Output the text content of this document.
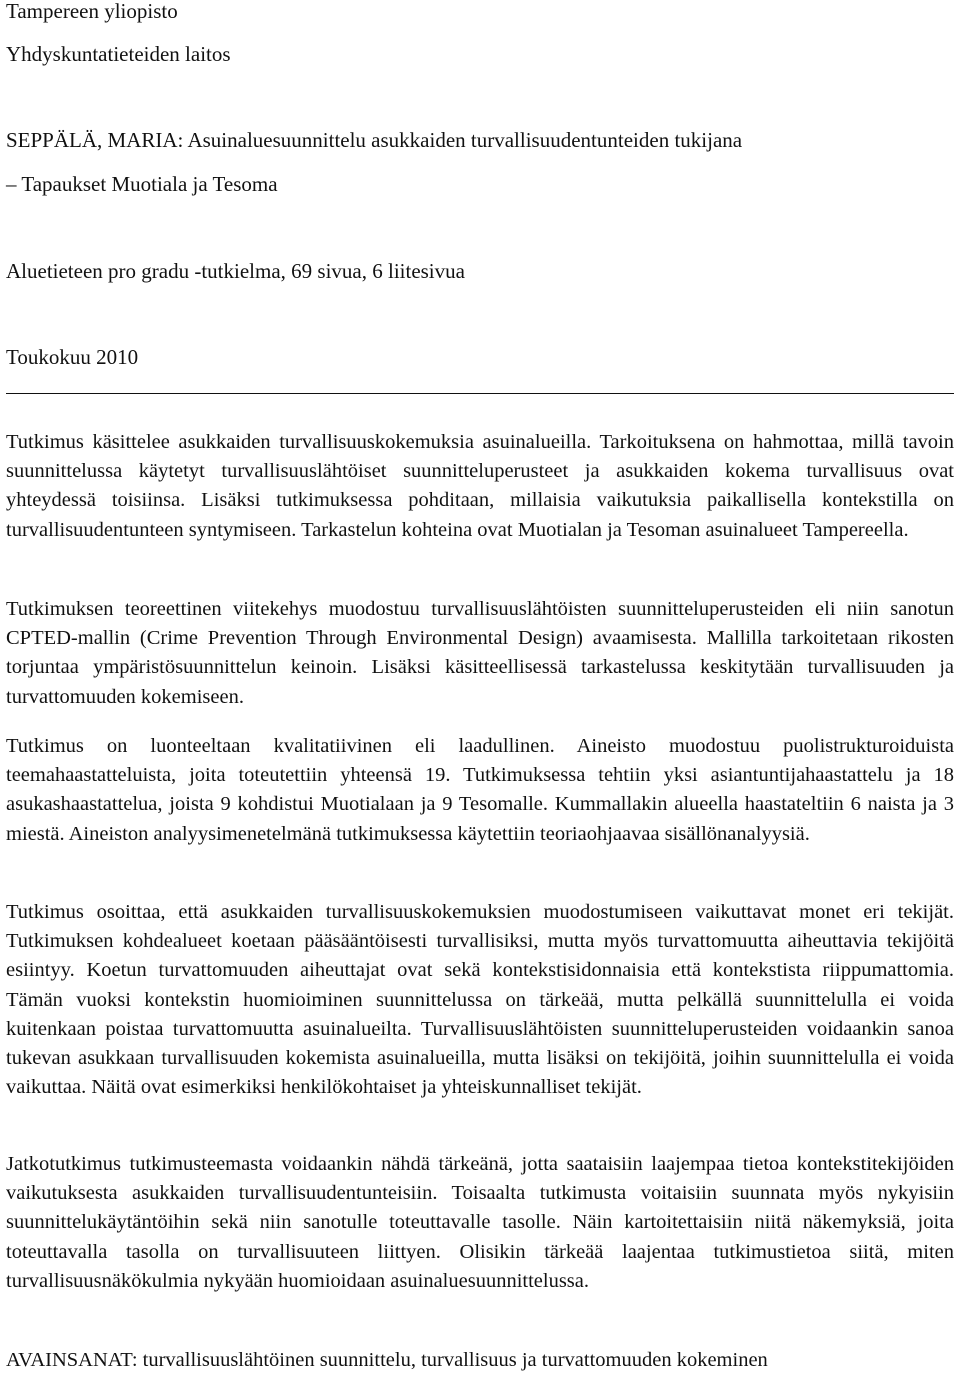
Tampereen yliopisto

Yhdyskuntatieteiden laitos

SEPPÄLÄ, MARIA: Asuinaluesuunnittelu asukkaiden turvallisuudentunteiden tukijana

– Tapaukset Muotiala ja Tesoma

Aluetieteen pro gradu -tutkielma, 69 sivua, 6 liitesivua

Toukokuu 2010

Tutkimus käsittelee asukkaiden turvallisuuskokemuksia asuinalueilla. Tarkoituksena on hahmottaa, millä tavoin suunnittelussa käytetyt turvallisuuslähtöiset suunnitteluperusteet ja asukkaiden kokema turvallisuus ovat yhteydessä toisiinsa. Lisäksi tutkimuksessa pohditaan, millaisia vaikutuksia paikallisella kontekstilla on turvallisuudentunteen syntymiseen. Tarkastelun kohteina ovat Muotialan ja Tesoman asuinalueet Tampereella.

Tutkimuksen teoreettinen viitekehys muodostuu turvallisuuslähtöisten suunnitteluperusteiden eli niin sanotun CPTED-mallin (Crime Prevention Through Environmental Design) avaamisesta. Mallilla tarkoitetaan rikosten torjuntaa ympäristösuunnittelun keinoin. Lisäksi käsitteellisessä tarkastelussa keskitytään turvallisuuden ja turvattomuuden kokemiseen.

Tutkimus on luonteeltaan kvalitatiivinen eli laadullinen. Aineisto muodostuu puolistrukturoiduista teemahaastatteluista, joita toteutettiin yhteensä 19. Tutkimuksessa tehtiin yksi asiantuntijahaastattelu ja 18 asukashaastattelua, joista 9 kohdistui Muotialaan ja 9 Tesomalle. Kummallakin alueella haastateltiin 6 naista ja 3 miestä. Aineiston analyysimenetelmänä tutkimuksessa käytettiin teoriaohjaavaa sisällönanalyysiä.

Tutkimus osoittaa, että asukkaiden turvallisuuskokemuksien muodostumiseen vaikuttavat monet eri tekijät. Tutkimuksen kohdealueet koetaan pääsääntöisesti turvallisiksi, mutta myös turvattomuutta aiheuttavia tekijöitä esiintyy. Koetun turvattomuuden aiheuttajat ovat sekä kontekstisidonnaisia että kontekstista riippumattomia. Tämän vuoksi kontekstin huomioiminen suunnittelussa on tärkeää, mutta pelkällä suunnittelulla ei voida kuitenkaan poistaa turvattomuutta asuinalueilta. Turvallisuuslähtöisten suunnitteluperusteiden voidaankin sanoa tukevan asukkaan turvallisuuden kokemista asuinalueilla, mutta lisäksi on tekijöitä, joihin suunnittelulla ei voida vaikuttaa. Näitä ovat esimerkiksi henkilökohtaiset ja yhteiskunnalliset tekijät.

Jatkotutkimus tutkimusteemasta voidaankin nähdä tärkeänä, jotta saataisiin laajempaa tietoa kontekstitekijöiden vaikutuksesta asukkaiden turvallisuudentunteisiin. Toisaalta tutkimusta voitaisiin suunnata myös nykyisiin suunnittelukäytäntöihin sekä niin sanotulle toteuttavalle tasolle. Näin kartoitettaisiin niitä näkemyksiä, joita toteuttavalla tasolla on turvallisuuteen liittyen. Olisikin tärkeää laajentaa tutkimustietoa siitä, miten turvallisuusnäkökulmia nykyään huomioidaan asuinaluesuunnittelussa.

AVAINSANAT: turvallisuuslähtöinen suunnittelu, turvallisuus ja turvattomuuden kokeminen
